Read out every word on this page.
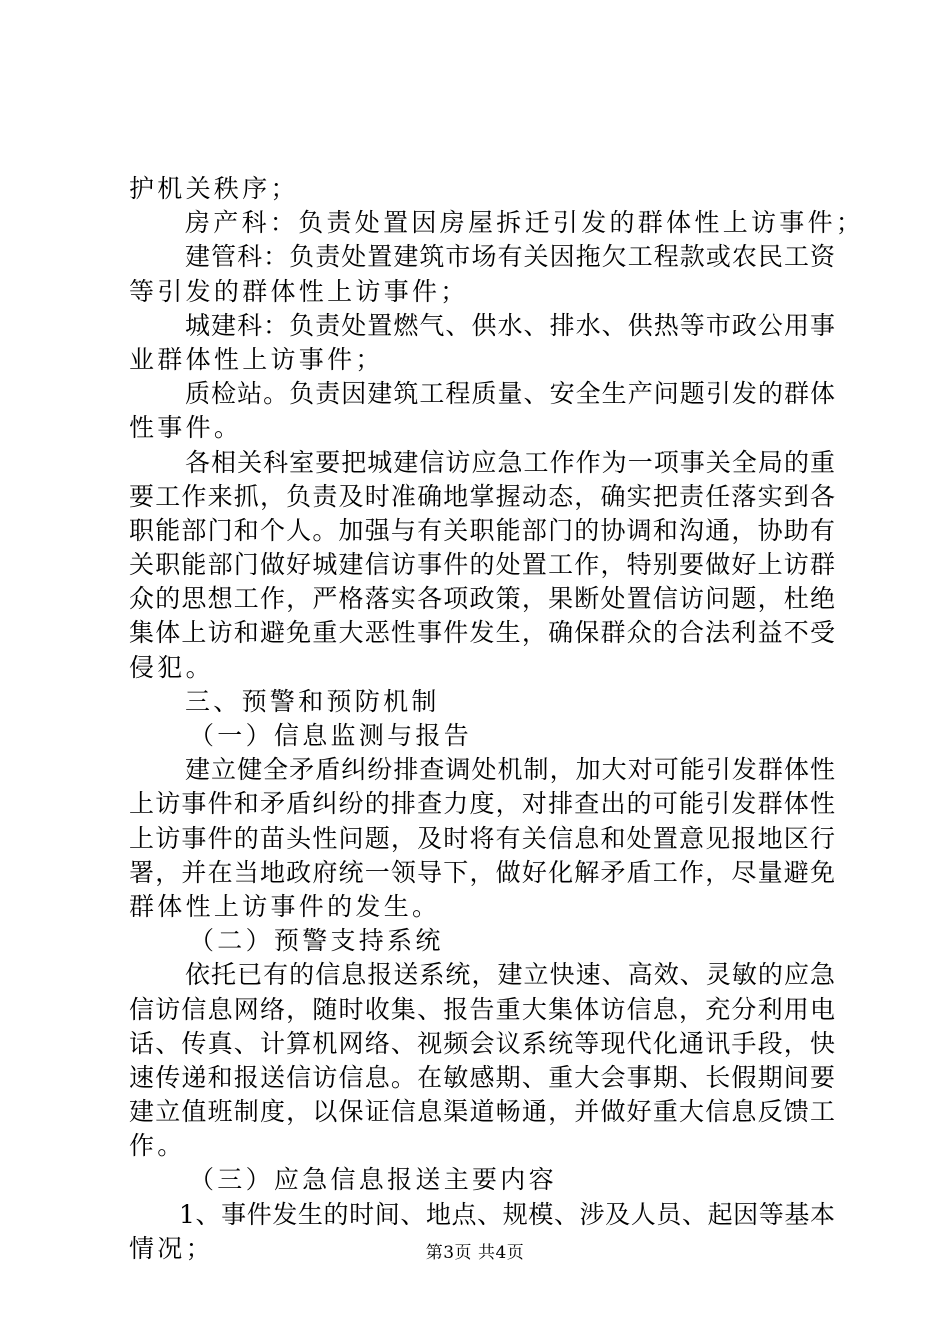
护机关秩序；
房产科：负责处置因房屋拆迁引发的群体性上访事件；
建管科：负责处置建筑市场有关因拖欠工程款或农民工资
等引发的群体性上访事件；
城建科：负责处置燃气、供水、排水、供热等市政公用事
业群体性上访事件；
质检站。负责因建筑工程质量、安全生产问题引发的群体
性事件。
各相关科室要把城建信访应急工作作为一项事关全局的重
要工作来抓，负责及时准确地掌握动态，确实把责任落实到各
职能部门和个人。加强与有关职能部门的协调和沟通，协助有
关职能部门做好城建信访事件的处置工作，特别要做好上访群
众的思想工作，严格落实各项政策，果断处置信访问题，杜绝
集体上访和避免重大恶性事件发生，确保群众的合法利益不受
侵犯。
三、预警和预防机制
（一）信息监测与报告
建立健全矛盾纠纷排查调处机制，加大对可能引发群体性
上访事件和矛盾纠纷的排查力度，对排查出的可能引发群体性
上访事件的苗头性问题，及时将有关信息和处置意见报地区行
署，并在当地政府统一领导下，做好化解矛盾工作，尽量避免
群体性上访事件的发生。
（二）预警支持系统
依托已有的信息报送系统，建立快速、高效、灵敏的应急
信访信息网络，随时收集、报告重大集体访信息，充分利用电
话、传真、计算机网络、视频会议系统等现代化通讯手段，快
速传递和报送信访信息。在敏感期、重大会事期、长假期间要
建立值班制度，以保证信息渠道畅通，并做好重大信息反馈工
作。
（三）应急信息报送主要内容
1、事件发生的时间、地点、规模、涉及人员、起因等基本
情况；	第3页 共4页
